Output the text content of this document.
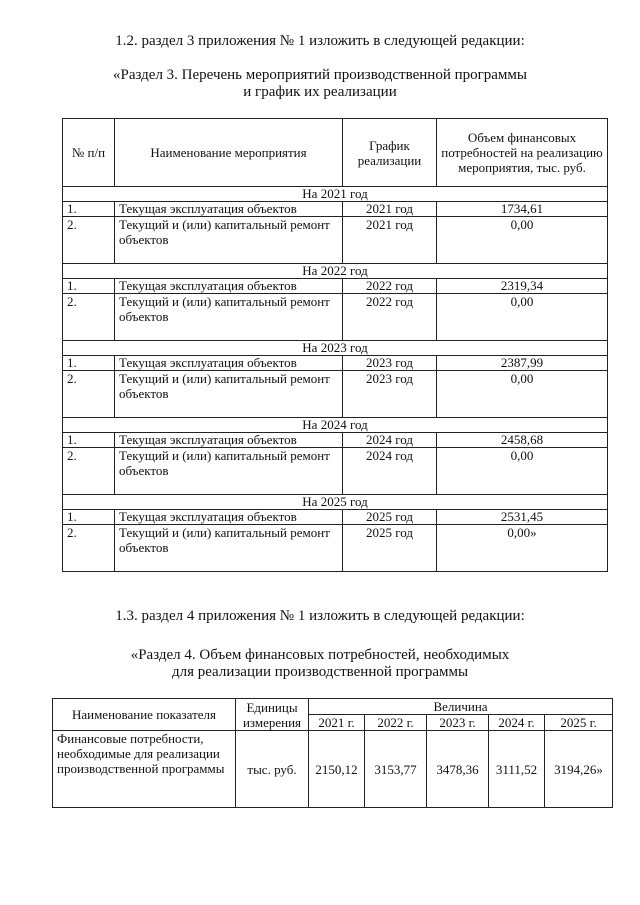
1.2. раздел 3 приложения № 1 изложить в следующей редакции:
«Раздел 3. Перечень мероприятий производственной программы
и график их реализации
№ п/п	Наименование мероприятия	График реализации	Объем финансовых потребностей на реализацию мероприятия, тыс. руб.
На 2021 год			
1.	Текущая эксплуатация объектов	2021 год	1734,61
2.	Текущий и (или) капитальный ремонт объектов	2021 год	0,00
На 2022 год			
1.	Текущая эксплуатация объектов	2022 год	2319,34
2.	Текущий и (или) капитальный ремонт объектов	2022 год	0,00
На 2023 год			
1.	Текущая эксплуатация объектов	2023 год	2387,99
2.	Текущий и (или) капитальный ремонт объектов	2023 год	0,00
На 2024 год			
1.	Текущая эксплуатация объектов	2024 год	2458,68
2.	Текущий и (или) капитальный ремонт объектов	2024 год	0,00
На 2025 год			
1.	Текущая эксплуатация объектов	2025 год	2531,45
2.	Текущий и (или) капитальный ремонт объектов	2025 год	0,00»
1.3. раздел 4 приложения № 1 изложить в следующей редакции:
«Раздел 4. Объем финансовых потребностей, необходимых
для реализации производственной программы
Наименование показателя	Единицы измерения	Величина				
		2021 г.	2022 г.	2023 г.	2024 г.	2025 г.
Финансовые потребности, необходимые для реализации производственной программы	тыс. руб.	2150,12	3153,77	3478,36	3111,52	3194,26»
